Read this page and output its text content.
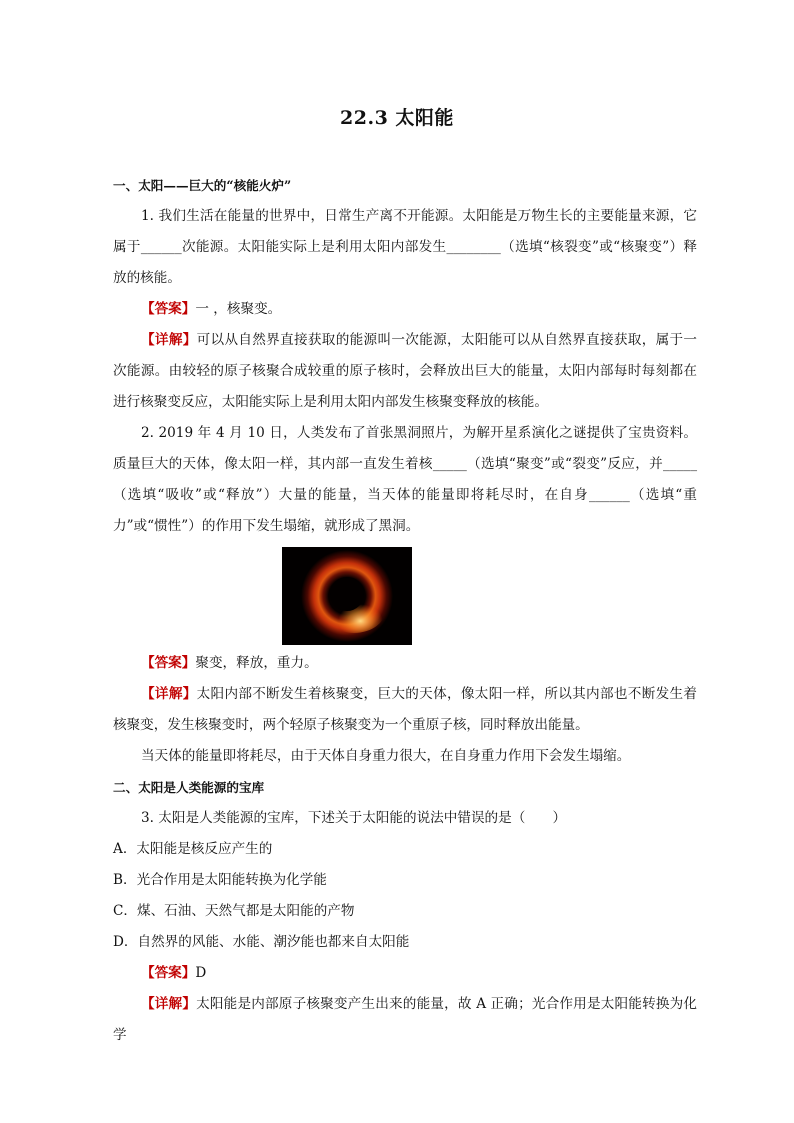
22.3 太阳能

一、太阳——巨大的“核能火炉”

1. 我们生活在能量的世界中，日常生产离不开能源。太阳能是万物生长的主要能量来源，它属于______次能源。太阳能实际上是利用太阳内部发生________（选填“核裂变”或“核聚变”）释放的核能。

【答案】一 ，核聚变。

【详解】可以从自然界直接获取的能源叫一次能源，太阳能可以从自然界直接获取，属于一次能源。由较轻的原子核聚合成较重的原子核时，会释放出巨大的能量，太阳内部每时每刻都在进行核聚变反应，太阳能实际上是利用太阳内部发生核聚变释放的核能。

2. 2019 年 4 月 10 日，人类发布了首张黑洞照片，为解开星系演化之谜提供了宝贵资料。质量巨大的天体，像太阳一样，其内部一直发生着核_____（选填“聚变”或“裂变”反应，并_____（选填“吸收”或“释放”）大量的能量，当天体的能量即将耗尽时，在自身______（选填“重力”或“惯性”）的作用下发生塌缩，就形成了黑洞。

【答案】聚变，释放，重力。

【详解】太阳内部不断发生着核聚变，巨大的天体，像太阳一样，所以其内部也不断发生着核聚变，发生核聚变时，两个轻原子核聚变为一个重原子核，同时释放出能量。

当天体的能量即将耗尽，由于天体自身重力很大，在自身重力作用下会发生塌缩。

二、太阳是人类能源的宝库

3. 太阳是人类能源的宝库，下述关于太阳能的说法中错误的是（　　）

A．太阳能是核反应产生的

B．光合作用是太阳能转换为化学能

C．煤、石油、天然气都是太阳能的产物

D．自然界的风能、水能、潮汐能也都来自太阳能

【答案】D

【详解】太阳能是内部原子核聚变产生出来的能量，故 A 正确；光合作用是太阳能转换为化学
